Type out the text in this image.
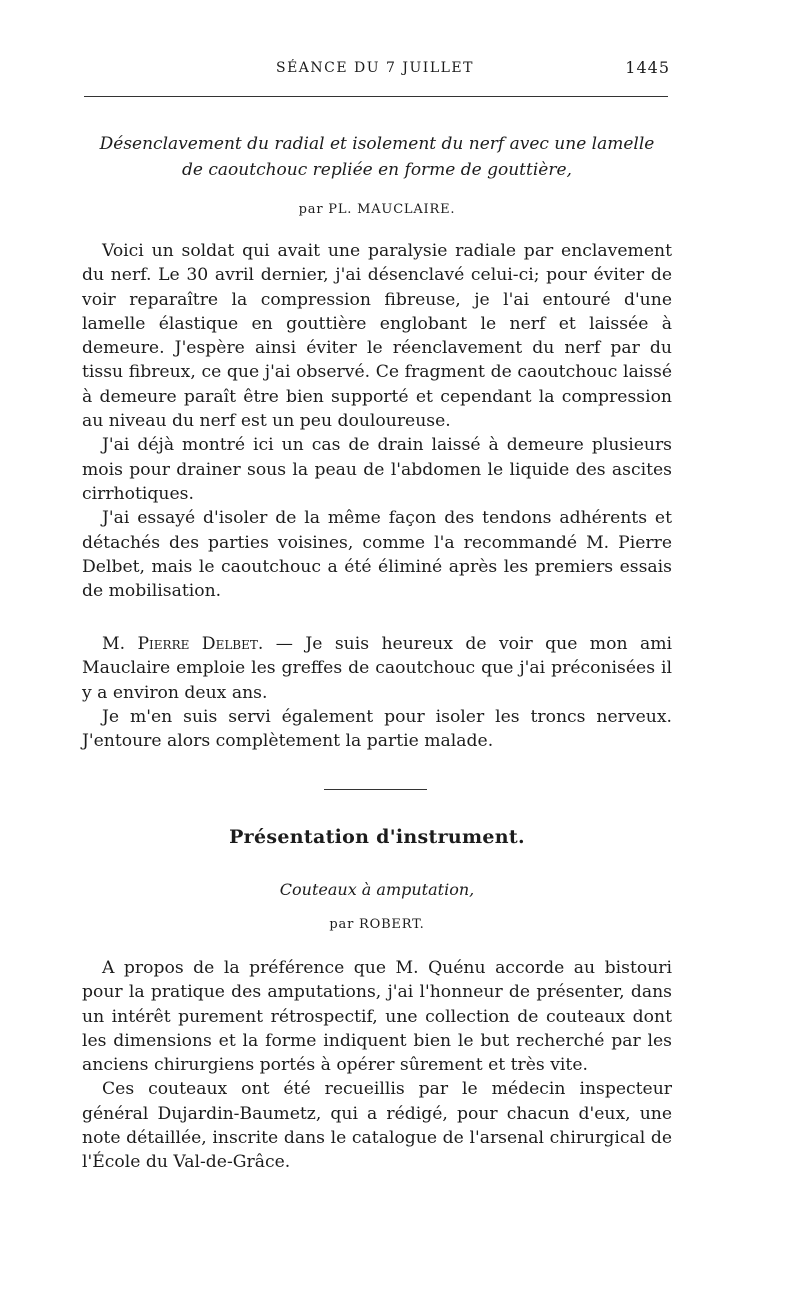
SÉANCE DU 7 JUILLET	1445
Désenclavement du radial et isolement du nerf avec une lamelle
de caoutchouc repliée en forme de gouttière,
par PL. MAUCLAIRE.

Voici un soldat qui avait une paralysie radiale par enclavement du nerf. Le 30 avril dernier, j'ai désenclavé celui-ci; pour éviter de voir reparaître la compression fibreuse, je l'ai entouré d'une lamelle élastique en gouttière englobant le nerf et laissée à demeure. J'espère ainsi éviter le réenclavement du nerf par du tissu fibreux, ce que j'ai observé. Ce fragment de caoutchouc laissé à demeure paraît être bien supporté et cependant la compression au niveau du nerf est un peu douloureuse.

J'ai déjà montré ici un cas de drain laissé à demeure plusieurs mois pour drainer sous la peau de l'abdomen le liquide des ascites cirrhotiques.

J'ai essayé d'isoler de la même façon des tendons adhérents et détachés des parties voisines, comme l'a recommandé M. Pierre Delbet, mais le caoutchouc a été éliminé après les premiers essais de mobilisation.

M. Pierre Delbet. — Je suis heureux de voir que mon ami Mauclaire emploie les greffes de caoutchouc que j'ai préconisées il y a environ deux ans.

Je m'en suis servi également pour isoler les troncs nerveux. J'entoure alors complètement la partie malade.

Présentation d'instrument.
Couteaux à amputation,
par ROBERT.

A propos de la préférence que M. Quénu accorde au bistouri pour la pratique des amputations, j'ai l'honneur de présenter, dans un intérêt purement rétrospectif, une collection de couteaux dont les dimensions et la forme indiquent bien le but recherché par les anciens chirurgiens portés à opérer sûrement et très vite.

Ces couteaux ont été recueillis par le médecin inspecteur général Dujardin-Baumetz, qui a rédigé, pour chacun d'eux, une note détaillée, inscrite dans le catalogue de l'arsenal chirurgical de l'École du Val-de-Grâce.
